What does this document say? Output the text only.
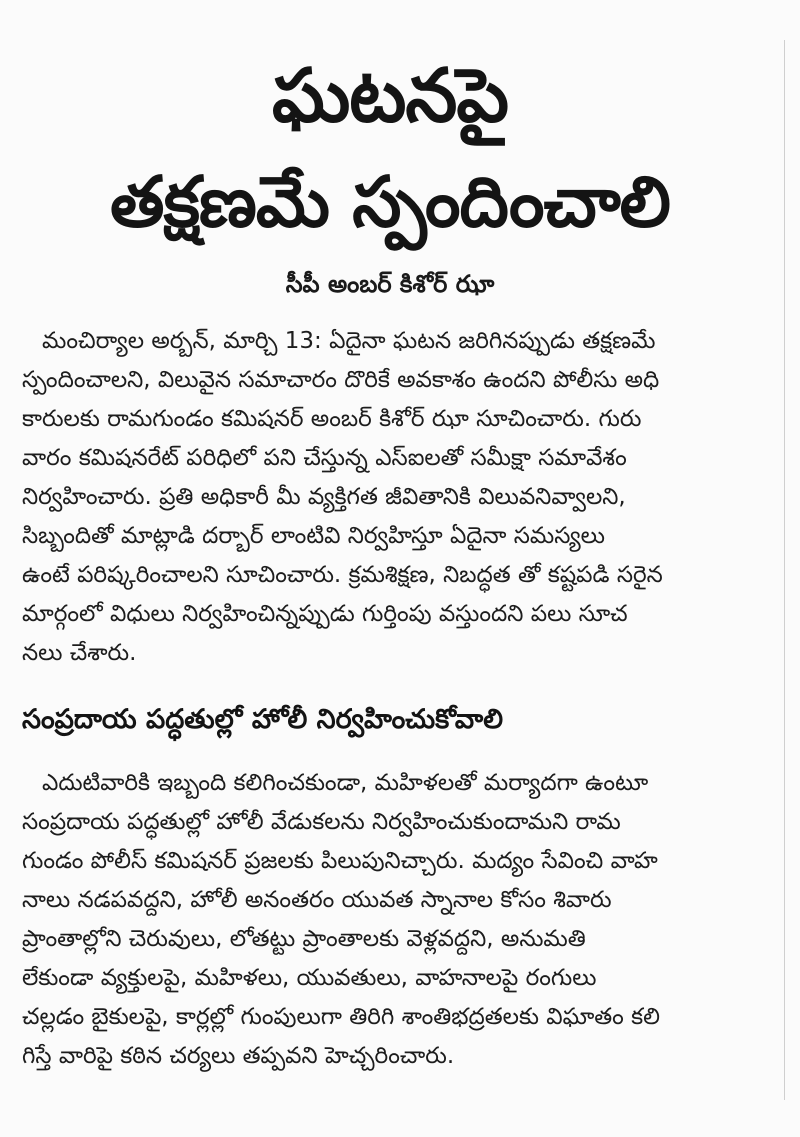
ఘటనపై
తక్షణమే స్పందించాలి
సీపీ అంబర్ కిశోర్ ఝా
మంచిర్యాల అర్బన్, మార్చి 13: ఏదైనా ఘటన జరిగినప్పుడు తక్షణమే
స్పందించాలని, విలువైన సమాచారం దొరికే అవకాశం ఉందని పోలీసు అధి
కారులకు రామగుండం కమిషనర్ అంబర్ కిశోర్ ఝా సూచించారు. గురు
వారం కమిషనరేట్ పరిధిలో పని చేస్తున్న ఎస్ఐలతో సమీక్షా సమావేశం
నిర్వహించారు. ప్రతి అధికారీ మీ వ్యక్తిగత జీవితానికి విలువనివ్వాలని,
సిబ్బందితో మాట్లాడి దర్బార్ లాంటివి నిర్వహిస్తూ ఏదైనా సమస్యలు
ఉంటే పరిష్కరించాలని సూచించారు. క్రమశిక్షణ, నిబద్ధత తో కష్టపడి సరైన
మార్గంలో విధులు నిర్వహించిన్నప్పుడు గుర్తింపు వస్తుందని పలు సూచ
నలు చేశారు.
సంప్రదాయ పద్ధతుల్లో హోలీ నిర్వహించుకోవాలి
ఎదుటివారికి ఇబ్బంది కలిగించకుండా, మహిళలతో మర్యాదగా ఉంటూ
సంప్రదాయ పద్ధతుల్లో హోలీ వేడుకలను నిర్వహించుకుందామని రామ
గుండం పోలీస్ కమిషనర్ ప్రజలకు పిలుపునిచ్చారు. మద్యం సేవించి వాహ
నాలు నడపవద్దని, హోలీ అనంతరం యువత స్నానాల కోసం శివారు
ప్రాంతాల్లోని చెరువులు, లోతట్టు ప్రాంతాలకు వెళ్లవద్దని, అనుమతి
లేకుండా వ్యక్తులపై, మహిళలు, యువతులు, వాహనాలపై రంగులు
చల్లడం బైకులపై, కార్లల్లో గుంపులుగా తిరిగి శాంతిభద్రతలకు విఘాతం కలి
గిస్తే వారిపై కఠిన చర్యలు తప్పవని హెచ్చరించారు.
